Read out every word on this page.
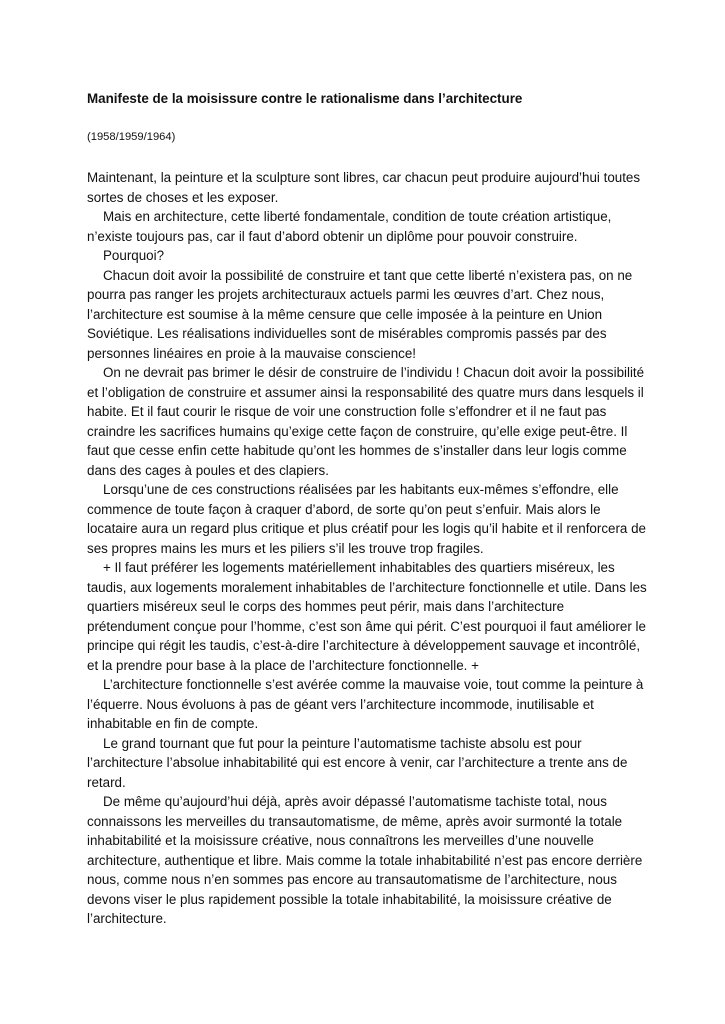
Manifeste de la moisissure contre le rationalisme dans l’architecture

(1958/1959/1964)

Maintenant, la peinture et la sculpture sont libres, car chacun peut produire aujourd’hui toutes sortes de choses et les exposer.

Mais en architecture, cette liberté fondamentale, condition de toute création artistique, n’existe toujours pas, car il faut d’abord obtenir un diplôme pour pouvoir construire.

Pourquoi?

Chacun doit avoir la possibilité de construire et tant que cette liberté n’existera pas, on ne pourra pas ranger les projets architecturaux actuels parmi les œuvres d’art. Chez nous, l’architecture est soumise à la même censure que celle imposée à la peinture en Union Soviétique. Les réalisations individuelles sont de misérables compromis passés par des personnes linéaires en proie à la mauvaise conscience!

On ne devrait pas brimer le désir de construire de l’individu ! Chacun doit avoir la possibilité et l’obligation de construire et assumer ainsi la responsabilité des quatre murs dans lesquels il habite. Et il faut courir le risque de voir une construction folle s’effondrer et il ne faut pas craindre les sacrifices humains qu’exige cette façon de construire, qu’elle exige peut-être. Il faut que cesse enfin cette habitude qu’ont les hommes de s’installer dans leur logis comme dans des cages à poules et des clapiers.

Lorsqu’une de ces constructions réalisées par les habitants eux-mêmes s’effondre, elle commence de toute façon à craquer d’abord, de sorte qu’on peut s’enfuir. Mais alors le locataire aura un regard plus critique et plus créatif pour les logis qu’il habite et il renforcera de ses propres mains les murs et les piliers s’il les trouve trop fragiles.

+ Il faut préférer les logements matériellement inhabitables des quartiers miséreux, les taudis, aux logements moralement inhabitables de l’architecture fonctionnelle et utile. Dans les quartiers miséreux seul le corps des hommes peut périr, mais dans l’architecture prétendument conçue pour l’homme, c’est son âme qui périt. C’est pourquoi il faut améliorer le principe qui régit les taudis, c’est-à-dire l’architecture à développement sauvage et incontrôlé, et la prendre pour base à la place de l’architecture fonctionnelle. +

L’architecture fonctionnelle s’est avérée comme la mauvaise voie, tout comme la peinture à l’équerre. Nous évoluons à pas de géant vers l’architecture incommode, inutilisable et inhabitable en fin de compte.

Le grand tournant que fut pour la peinture l’automatisme tachiste absolu est pour l’architecture l’absolue inhabitabilité qui est encore à venir, car l’architecture a trente ans de retard.

De même qu’aujourd’hui déjà, après avoir dépassé l’automatisme tachiste total, nous connaissons les merveilles du transautomatisme, de même, après avoir surmonté la totale inhabitabilité et la moisissure créative, nous connaîtrons les merveilles d’une nouvelle architecture, authentique et libre. Mais comme la totale inhabitabilité n’est pas encore derrière nous, comme nous n’en sommes pas encore au transautomatisme de l’architecture, nous devons viser le plus rapidement possible la totale inhabitabilité, la moisissure créative de l’architecture.
